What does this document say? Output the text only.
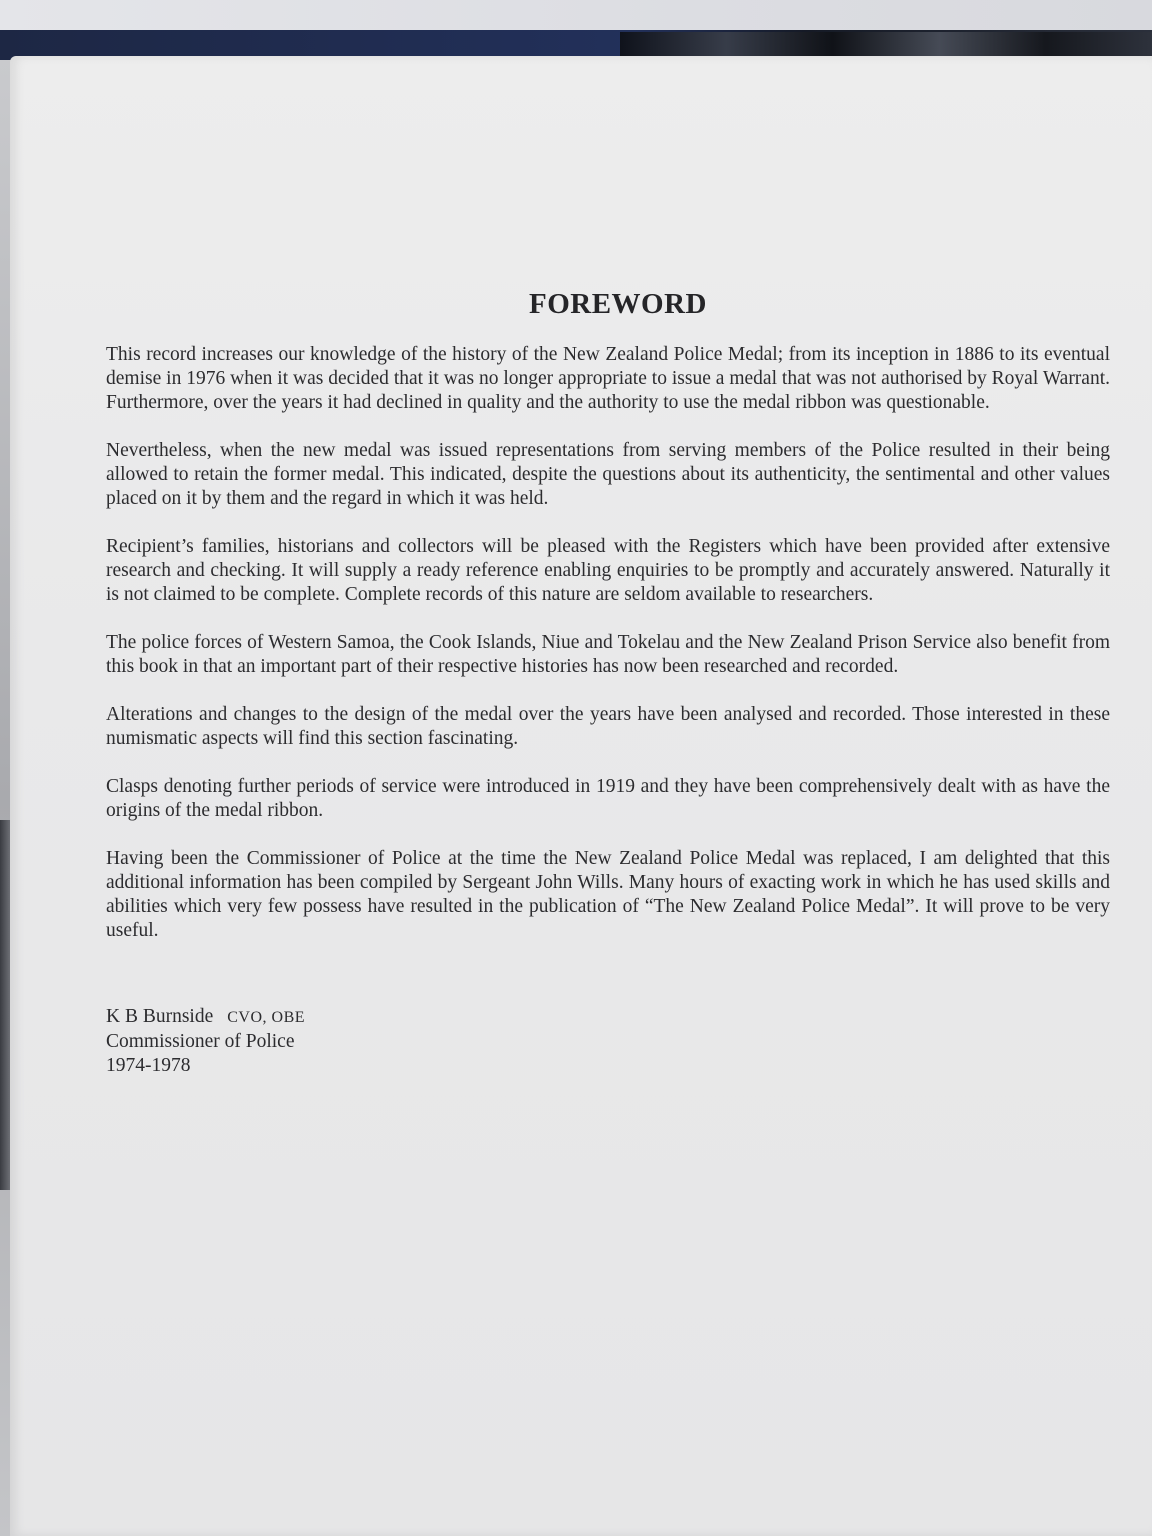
FOREWORD

This record increases our knowledge of the history of the New Zealand Police Medal; from its inception in 1886 to its eventual demise in 1976 when it was decided that it was no longer appropriate to issue a medal that was not authorised by Royal Warrant. Furthermore, over the years it had declined in quality and the authority to use the medal ribbon was questionable.

Nevertheless, when the new medal was issued representations from serving members of the Police resulted in their being allowed to retain the former medal. This indicated, despite the questions about its authenticity, the sentimental and other values placed on it by them and the regard in which it was held.

Recipient’s families, historians and collectors will be pleased with the Registers which have been provided after extensive research and checking. It will supply a ready reference enabling enquiries to be promptly and accurately answered. Naturally it is not claimed to be complete. Complete records of this nature are seldom available to researchers.

The police forces of Western Samoa, the Cook Islands, Niue and Tokelau and the New Zealand Prison Service also benefit from this book in that an important part of their respective histories has now been researched and recorded.

Alterations and changes to the design of the medal over the years have been analysed and recorded. Those interested in these numismatic aspects will find this section fascinating.

Clasps denoting further periods of service were introduced in 1919 and they have been comprehensively dealt with as have the origins of the medal ribbon.

Having been the Commissioner of Police at the time the New Zealand Police Medal was replaced, I am delighted that this additional information has been compiled by Sergeant John Wills. Many hours of exacting work in which he has used skills and abilities which very few possess have resulted in the publication of “The New Zealand Police Medal”. It will prove to be very useful.

K B Burnside CVO, OBE
Commissioner of Police
1974-1978
